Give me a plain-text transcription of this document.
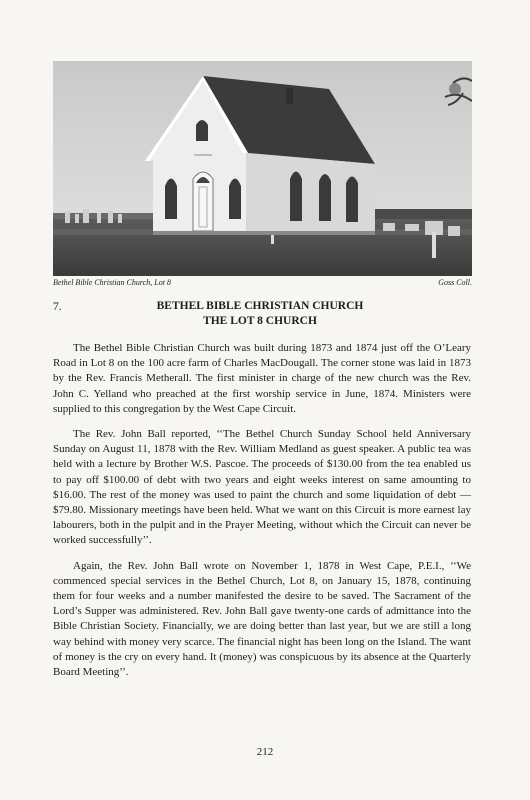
Bethel Bible Christian Church, Lot 8	Goss Coll.
7.	BETHEL BIBLE CHRISTIAN CHURCH
THE LOT 8 CHURCH

The Bethel Bible Christian Church was built during 1873 and 1874 just off the O’Leary Road in Lot 8 on the 100 acre farm of Charles MacDougall. The corner stone was laid in 1873 by the Rev. Francis Metherall. The first minister in charge of the new church was the Rev. John C. Yelland who preached at the first worship service in June, 1874. Ministers were supplied to this congregation by the West Cape Circuit.

The Rev. John Ball reported, ‘‘The Bethel Church Sunday School held Anniversary Sunday on August 11, 1878 with the Rev. William Medland as guest speaker. A public tea was held with a lecture by Brother W.S. Pascoe. The proceeds of $130.00 from the tea enabled us to pay off $100.00 of debt with two years and eight weeks interest on same amounting to $16.00. The rest of the money was used to paint the church and some liquidation of debt — $79.80. Missionary meetings have been held. What we want on this Circuit is more earnest lay labourers, both in the pulpit and in the Prayer Meeting, without which the Circuit can never be worked successfully’’.

Again, the Rev. John Ball wrote on November 1, 1878 in West Cape, P.E.I., ‘‘We commenced special services in the Bethel Church, Lot 8, on January 15, 1878, continuing them for four weeks and a number manifested the desire to be saved. The Sacrament of the Lord’s Supper was administered. Rev. John Ball gave twenty-one cards of admittance into the Bible Christian Society. Financially, we are doing better than last year, but we are still a long way behind with money very scarce. The financial night has been long on the Island. The want of money is the cry on every hand. It (money) was conspicuous by its absence at the Quarterly Board Meeting’’.

212
